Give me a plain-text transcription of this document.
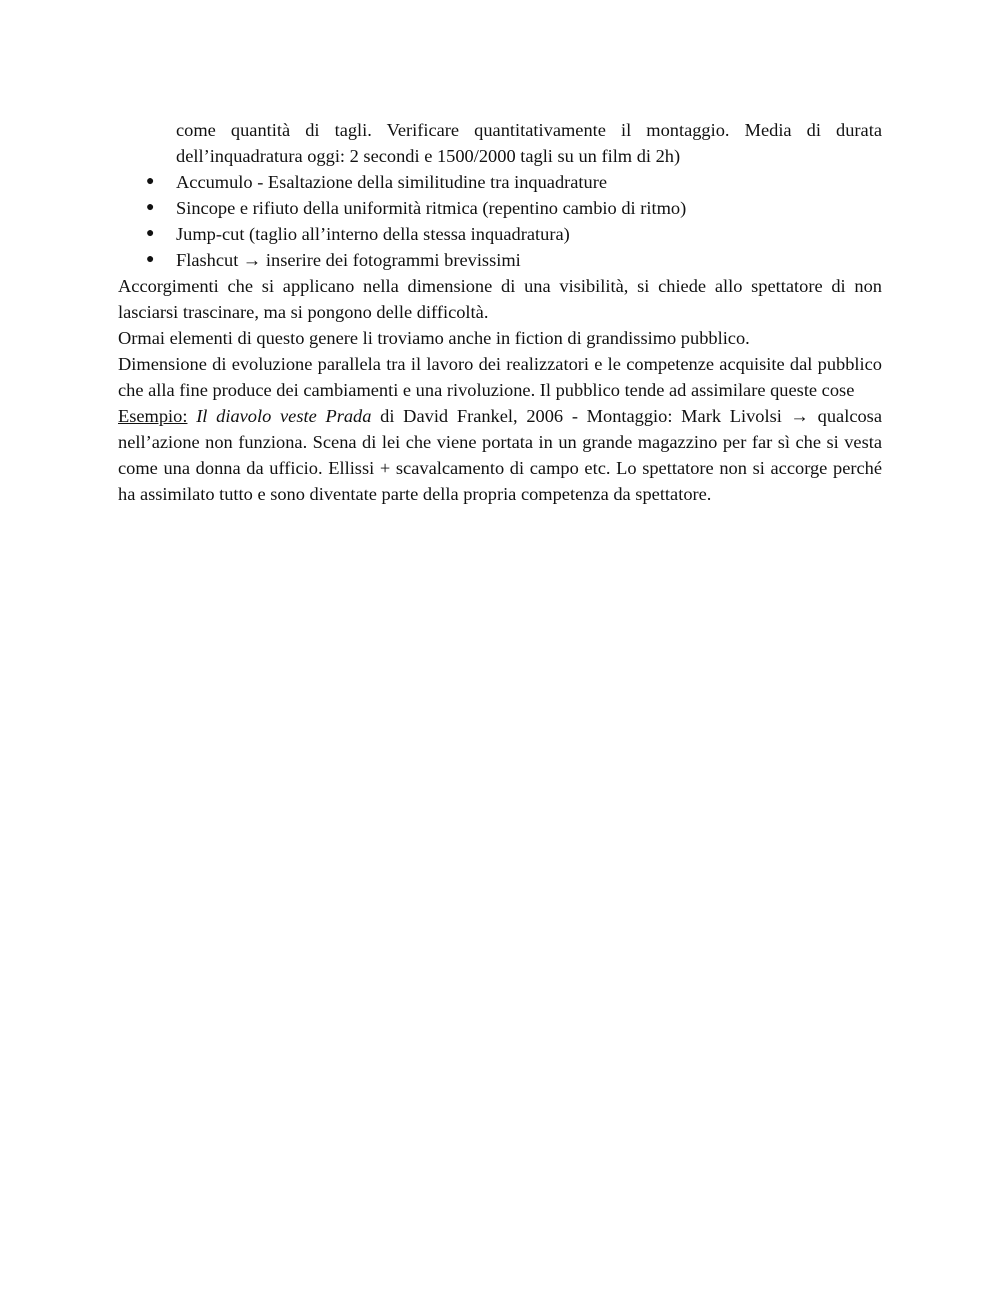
come quantità di tagli. Verificare quantitativamente il montaggio. Media di durata dell’inquadratura oggi: 2 secondi e 1500/2000 tagli su un film di 2h)

● Accumulo - Esaltazione della similitudine tra inquadrature
● Sincope e rifiuto della uniformità ritmica (repentino cambio di ritmo)
● Jump-cut (taglio all’interno della stessa inquadratura)
● Flashcut → inserire dei fotogrammi brevissimi

Accorgimenti che si applicano nella dimensione di una visibilità, si chiede allo spettatore di non lasciarsi trascinare, ma si pongono delle difficoltà.

Ormai elementi di questo genere li troviamo anche in fiction di grandissimo pubblico.

Dimensione di evoluzione parallela tra il lavoro dei realizzatori e le competenze acquisite dal pubblico che alla fine produce dei cambiamenti e una rivoluzione. Il pubblico tende ad assimilare queste cose

Esempio: Il diavolo veste Prada di David Frankel, 2006 - Montaggio: Mark Livolsi → qualcosa nell’azione non funziona. Scena di lei che viene portata in un grande magazzino per far sì che si vesta come una donna da ufficio. Ellissi + scavalcamento di campo etc. Lo spettatore non si accorge perché ha assimilato tutto e sono diventate parte della propria competenza da spettatore.
